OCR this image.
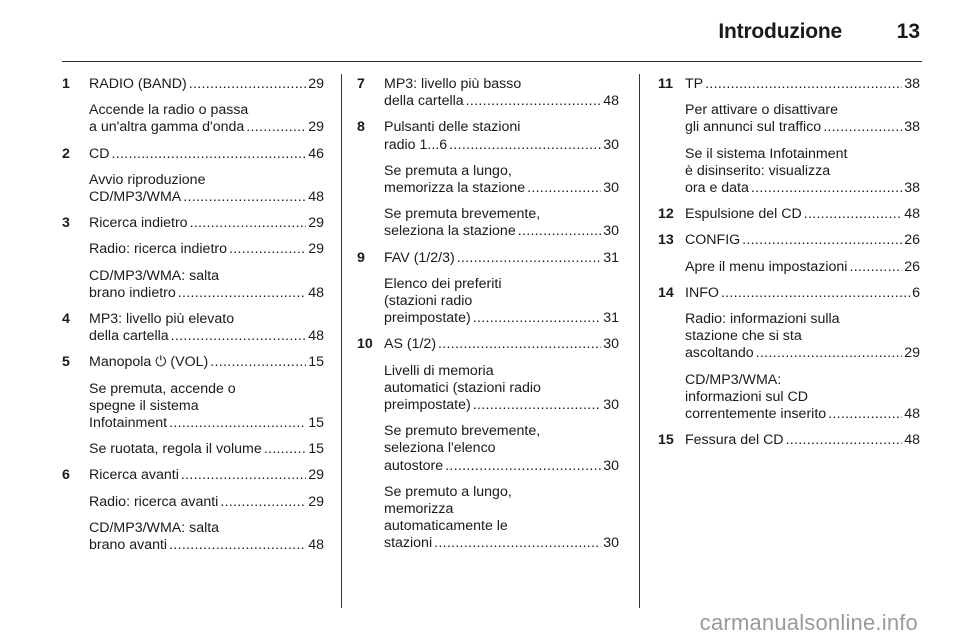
Introduzione	13
1 RADIO (BAND) .....	29
Accende la radio o passa
a un'altra gamma d'onda .....	29
2 CD .....	46
Avvio riproduzione
CD/MP3/WMA .....	48
3 Ricerca indietro .....	29
Radio: ricerca indietro .....	29
CD/MP3/WMA: salta
brano indietro .....	48
4 MP3: livello più elevato
della cartella .....	48
5 Manopola ⏻ (VOL) .....	15
Se premuta, accende o
spegne il sistema
Infotainment .....	15
Se ruotata, regola il volume .....	15
6 Ricerca avanti .....	29
Radio: ricerca avanti .....	29
CD/MP3/WMA: salta
brano avanti .....	48
7 MP3: livello più basso
della cartella .....	48
8 Pulsanti delle stazioni
radio 1...6 .....	30
Se premuta a lungo,
memorizza la stazione .....	30
Se premuta brevemente,
seleziona la stazione .....	30
9 FAV (1/2/3) .....	31
Elenco dei preferiti
(stazioni radio
preimpostate) .....	31
10 AS (1/2) .....	30
Livelli di memoria
automatici (stazioni radio
preimpostate) .....	30
Se premuto brevemente,
seleziona l'elenco
autostore .....	30
Se premuto a lungo,
memorizza
automaticamente le
stazioni .....	30
11 TP .....	38
Per attivare o disattivare
gli annunci sul traffico .....	38
Se il sistema Infotainment
è disinserito: visualizza
ora e data .....	38
12 Espulsione del CD .....	48
13 CONFIG .....	26
Apre il menu impostazioni .....	26
14 INFO .....	6
Radio: informazioni sulla
stazione che si sta
ascoltando .....	29
CD/MP3/WMA:
informazioni sul CD
correntemente inserito .....	48
15 Fessura del CD .....	48
carmanualsonline.info
